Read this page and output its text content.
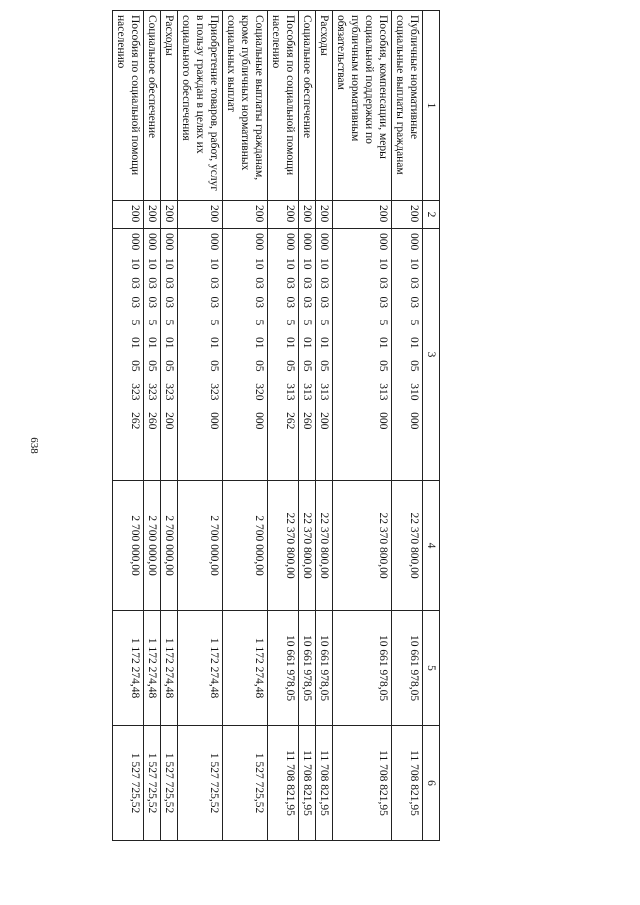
638
1	2	3	4	5	6
Публичные нормативные социальные выплаты гражданам	200	000  10  03  03   5   01   05   310   000	22 370 800,00	10 661 978,05	11 708 821,95
Пособия, компенсации, меры социальной поддержки по публичным нормативным обязательствам	200	000  10  03  03   5   01   05   313   000	22 370 800,00	10 661 978,05	11 708 821,95
Расходы	200	000  10  03  03   5   01   05   313   200	22 370 800,00	10 661 978,05	11 708 821,95
Социальное обеспечение	200	000  10  03  03   5   01   05   313   260	22 370 800,00	10 661 978,05	11 708 821,95
Пособия по социальной помощи населению	200	000  10  03  03   5   01   05   313   262	22 370 800,00	10 661 978,05	11 708 821,95
Социальные выплаты гражданам, кроме публичных нормативных социальных выплат	200	000  10  03  03   5   01   05   320   000	2 700 000,00	1 172 274,48	1 527 725,52
Приобретение товаров, работ, услуг в пользу граждан в целях их социального обеспечения	200	000  10  03  03   5   01   05   323   000	2 700 000,00	1 172 274,48	1 527 725,52
Расходы	200	000  10  03  03   5   01   05   323   200	2 700 000,00	1 172 274,48	1 527 725,52
Социальное обеспечение	200	000  10  03  03   5   01   05   323   260	2 700 000,00	1 172 274,48	1 527 725,52
Пособия по социальной помощи населению	200	000  10  03  03   5   01   05   323   262	2 700 000,00	1 172 274,48	1 527 725,52
